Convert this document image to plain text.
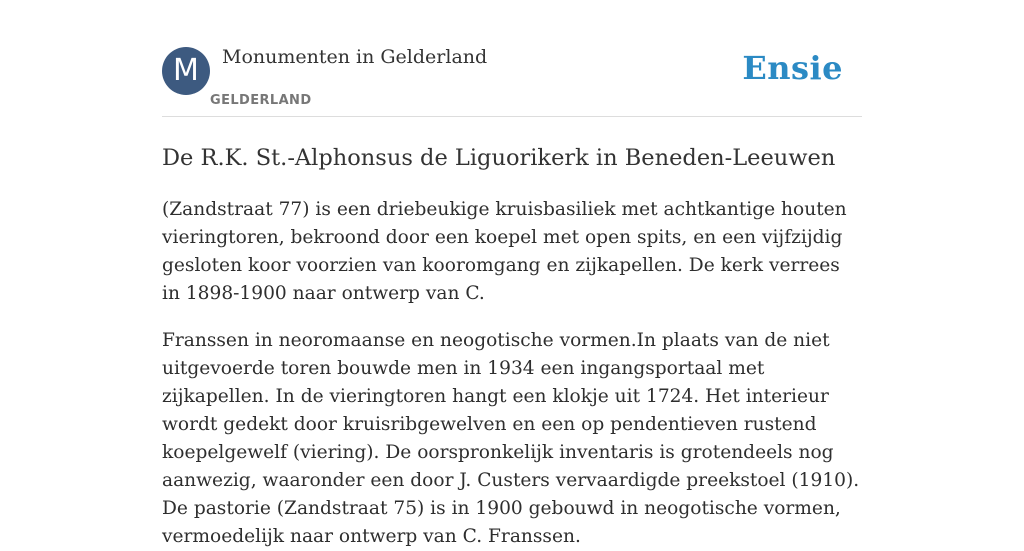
M	Monumenten in Gelderland
GELDERLAND
Ensie
De R.K. St.-Alphonsus de Liguorikerk in Beneden-Leeuwen

(Zandstraat 77) is een driebeukige kruisbasiliek met achtkantige houten vieringtoren, bekroond door een koepel met open spits, en een vijfzijdig gesloten koor voorzien van kooromgang en zijkapellen. De kerk verrees in 1898-1900 naar ontwerp van C.

Franssen in neoromaanse en neogotische vormen.In plaats van de niet uitgevoerde toren bouwde men in 1934 een ingangsportaal met zijkapellen. In de vieringtoren hangt een klokje uit 1724. Het interieur wordt gedekt door kruisribgewelven en een op pendentieven rustend koepelgewelf (viering). De oorspronkelijk inventaris is grotendeels nog aanwezig, waaronder een door J. Custers vervaardigde preekstoel (1910). De pastorie (Zandstraat 75) is in 1900 gebouwd in neogotische vormen, vermoedelijk naar ontwerp van C. Franssen.
